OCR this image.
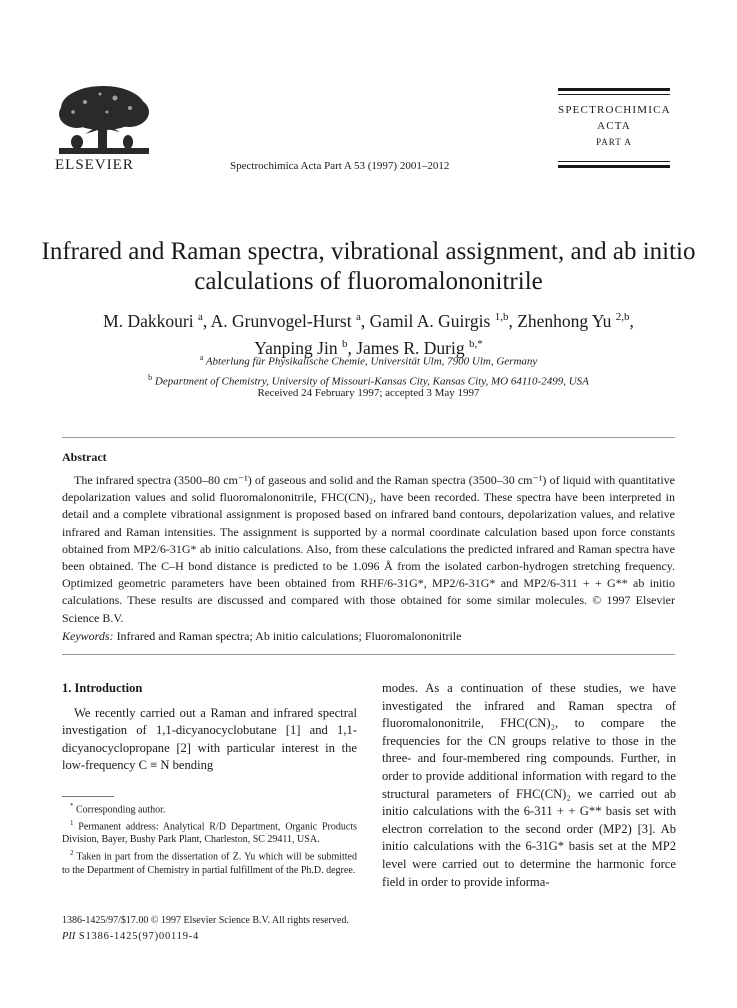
ELSEVIER	Spectrochimica Acta Part A 53 (1997) 2001–2012
SPECTROCHIMICA
ACTA
PART A
Infrared and Raman spectra, vibrational assignment, and ab initio calculations of fluoromalononitrile
M. Dakkouri $^a$, A. Grunvogel-Hurst $^a$, Gamil A. Guirgis $^{1,b}$, Zhenhong Yu $^{2,b}$,
Yanping Jin $^b$, James R. Durig $^{b,*}$
$^a$ Abterlung für Physikalische Chemie, Universität Ulm, 7900 Ulm, Germany
$^b$ Department of Chemistry, University of Missouri-Kansas City, Kansas City, MO 64110-2499, USA
Received 24 February 1997; accepted 3 May 1997
Abstract
The infrared spectra (3500–80 cm⁻¹) of gaseous and solid and the Raman spectra (3500–30 cm⁻¹) of liquid with quantitative depolarization values and solid fluoromalononitrile, FHC(CN)₂, have been recorded. These spectra have been interpreted in detail and a complete vibrational assignment is proposed based on infrared band contours, depolarization values, and relative infrared and Raman intensities. The assignment is supported by a normal coordinate calculation based upon force constants obtained from MP2/6-31G* ab initio calculations. Also, from these calculations the predicted infrared and Raman spectra have been obtained. The C–H bond distance is predicted to be 1.096 Å from the isolated carbon-hydrogen stretching frequency. Optimized geometric parameters have been obtained from RHF/6-31G*, MP2/6-31G* and MP2/6-311 + + G** ab initio calculations. These results are discussed and compared with those obtained for some similar molecules. © 1997 Elsevier Science B.V.
Keywords: Infrared and Raman spectra; Ab initio calculations; Fluoromalononitrile
1. Introduction

We recently carried out a Raman and infrared spectral investigation of 1,1-dicyanocyclobutane [1] and 1,1-dicyanocyclopropane [2] with particular interest in the low-frequency C ≡ N bending

modes. As a continuation of these studies, we have investigated the infrared and Raman spectra of fluoromalononitrile, FHC(CN)₂, to compare the frequencies for the CN groups relative to those in the three- and four-membered ring compounds. Further, in order to provide additional information with regard to the structural parameters of FHC(CN)₂ we carried out ab initio calculations with the 6-311 + + G** basis set with electron correlation to the second order (MP2) [3]. Ab initio calculations with the 6-31G* basis set at the MP2 level were carried out to determine the harmonic force field in order to provide informa-

* Corresponding author.

$^1$ Permanent address: Analytical R/D Department, Organic Products Division, Bayer, Bushy Park Plant, Charleston, SC 29411, USA.

$^2$ Taken in part from the dissertation of Z. Yu which will be submitted to the Department of Chemistry in partial fulfillment of the Ph.D. degree.

1386-1425/97/$17.00 © 1997 Elsevier Science B.V. All rights reserved.
PII S1386-1425(97)00119-4
